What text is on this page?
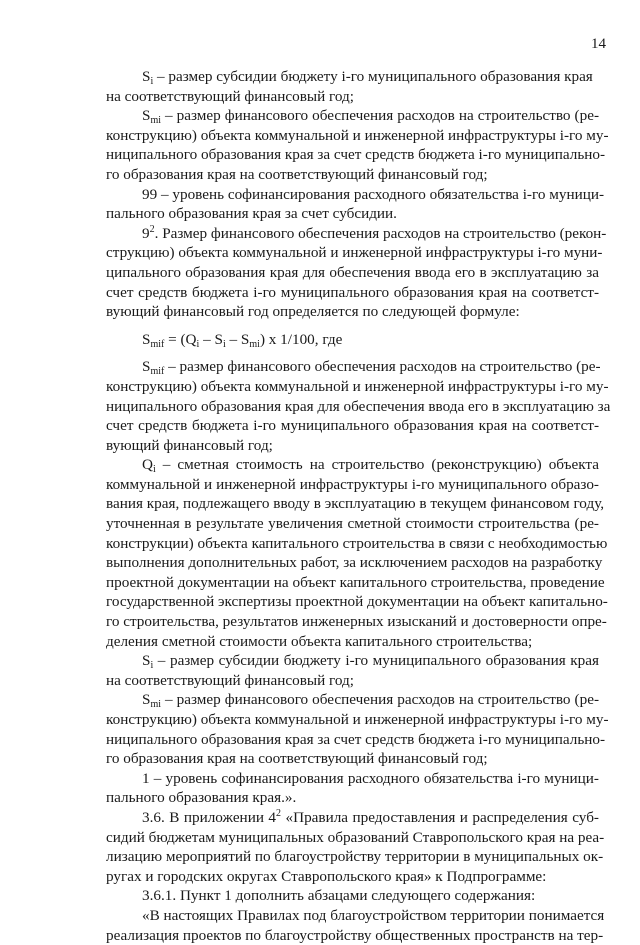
14
$S_i$ – размер субсидии бюджету i-го муниципального образования края
на соответствующий финансовый год;
$S_{mi}$ – размер финансового обеспечения расходов на строительство (ре-
конструкцию) объекта коммунальной и инженерной инфраструктуры i-го му-
ниципального образования края за счет средств бюджета i-го муниципально-
го образования края на соответствующий финансовый год;
99 – уровень софинансирования расходного обязательства i-го муници-
пального образования края за счет субсидии.
$9^2$. Размер финансового обеспечения расходов на строительство (рекон-
струкцию) объекта коммунальной и инженерной инфраструктуры i-го муни-
ципального образования края для обеспечения ввода его в эксплуатацию за
счет средств бюджета i-го муниципального образования края на соответст-
вующий финансовый год определяется по следующей формуле:
$S_{mif} = (Q_i - S_i - S_{mi})$ x 1/100, где
$S_{mif}$ – размер финансового обеспечения расходов на строительство (ре-
конструкцию) объекта коммунальной и инженерной инфраструктуры i-го му-
ниципального образования края для обеспечения ввода его в эксплуатацию за
счет средств бюджета i-го муниципального образования края на соответст-
вующий финансовый год;
$Q_i$ – сметная стоимость на строительство (реконструкцию) объекта
коммунальной и инженерной инфраструктуры i-го муниципального образо-
вания края, подлежащего вводу в эксплуатацию в текущем финансовом году,
уточненная в результате увеличения сметной стоимости строительства (ре-
конструкции) объекта капитального строительства в связи с необходимостью
выполнения дополнительных работ, за исключением расходов на разработку
проектной документации на объект капитального строительства, проведение
государственной экспертизы проектной документации на объект капитально-
го строительства, результатов инженерных изысканий и достоверности опре-
деления сметной стоимости объекта капитального строительства;
$S_i$ – размер субсидии бюджету i-го муниципального образования края
на соответствующий финансовый год;
$S_{mi}$ – размер финансового обеспечения расходов на строительство (ре-
конструкцию) объекта коммунальной и инженерной инфраструктуры i-го му-
ниципального образования края за счет средств бюджета i-го муниципально-
го образования края на соответствующий финансовый год;
1 – уровень софинансирования расходного обязательства i-го муници-
пального образования края.».
3.6. В приложении $4^2$ «Правила предоставления и распределения суб-
сидий бюджетам муниципальных образований Ставропольского края на реа-
лизацию мероприятий по благоустройству территории в муниципальных ок-
ругах и городских округах Ставропольского края» к Подпрограмме:
3.6.1. Пункт 1 дополнить абзацами следующего содержания:
«В настоящих Правилах под благоустройством территории понимается
реализация проектов по благоустройству общественных пространств на тер-
